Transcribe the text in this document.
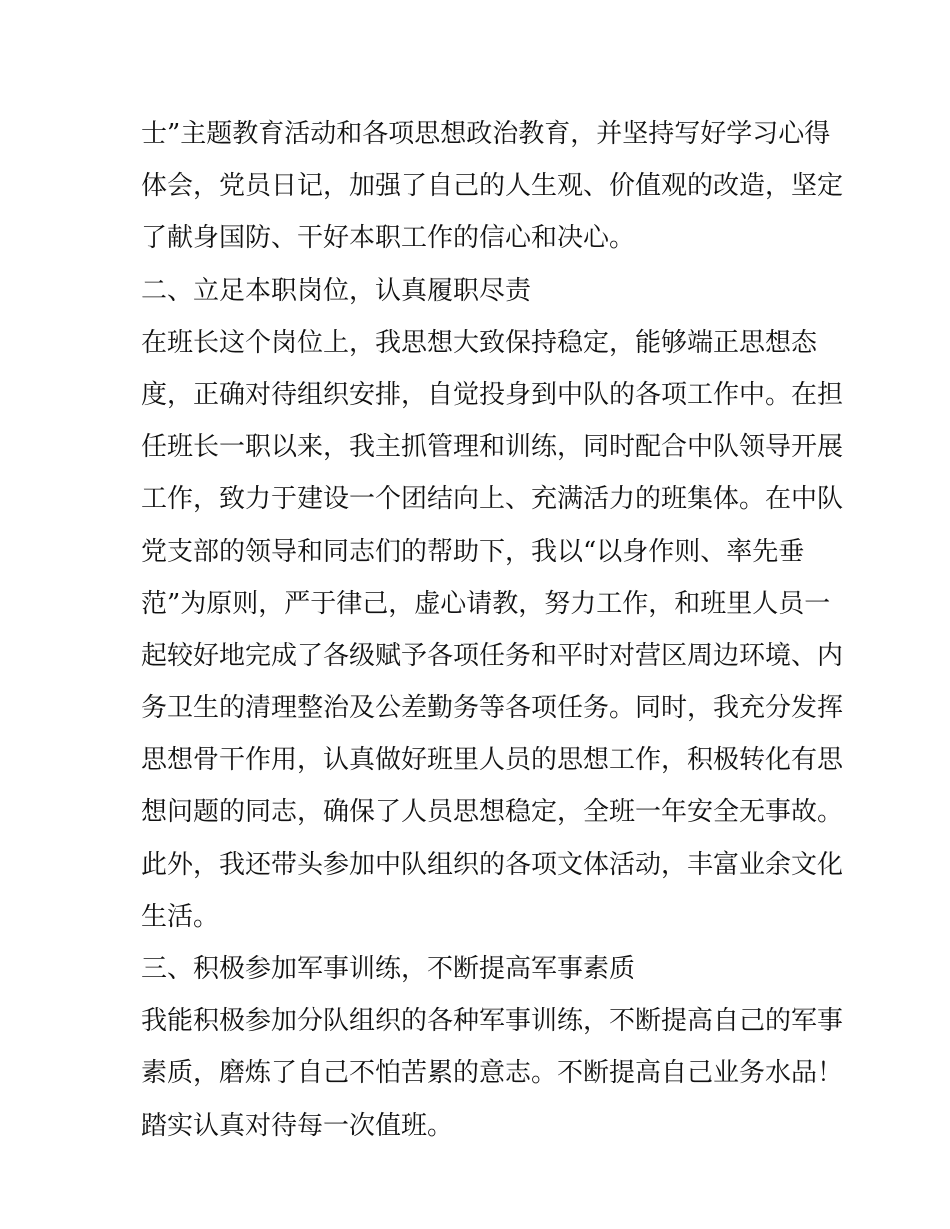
士”主题教育活动和各项思想政治教育，并坚持写好学习心得
体会，党员日记，加强了自己的人生观、价值观的改造，坚定
了献身国防、干好本职工作的信心和决心。
二、立足本职岗位，认真履职尽责
在班长这个岗位上，我思想大致保持稳定，能够端正思想态
度，正确对待组织安排，自觉投身到中队的各项工作中。在担
任班长一职以来，我主抓管理和训练，同时配合中队领导开展
工作，致力于建设一个团结向上、充满活力的班集体。在中队
党支部的领导和同志们的帮助下，我以“以身作则、率先垂
范”为原则，严于律己，虚心请教，努力工作，和班里人员一
起较好地完成了各级赋予各项任务和平时对营区周边环境、内
务卫生的清理整治及公差勤务等各项任务。同时，我充分发挥
思想骨干作用，认真做好班里人员的思想工作，积极转化有思
想问题的同志，确保了人员思想稳定，全班一年安全无事故。
此外，我还带头参加中队组织的各项文体活动，丰富业余文化
生活。
三、积极参加军事训练，不断提高军事素质
我能积极参加分队组织的各种军事训练，不断提高自己的军事
素质，磨炼了自己不怕苦累的意志。不断提高自己业务水品！
踏实认真对待每一次值班。
